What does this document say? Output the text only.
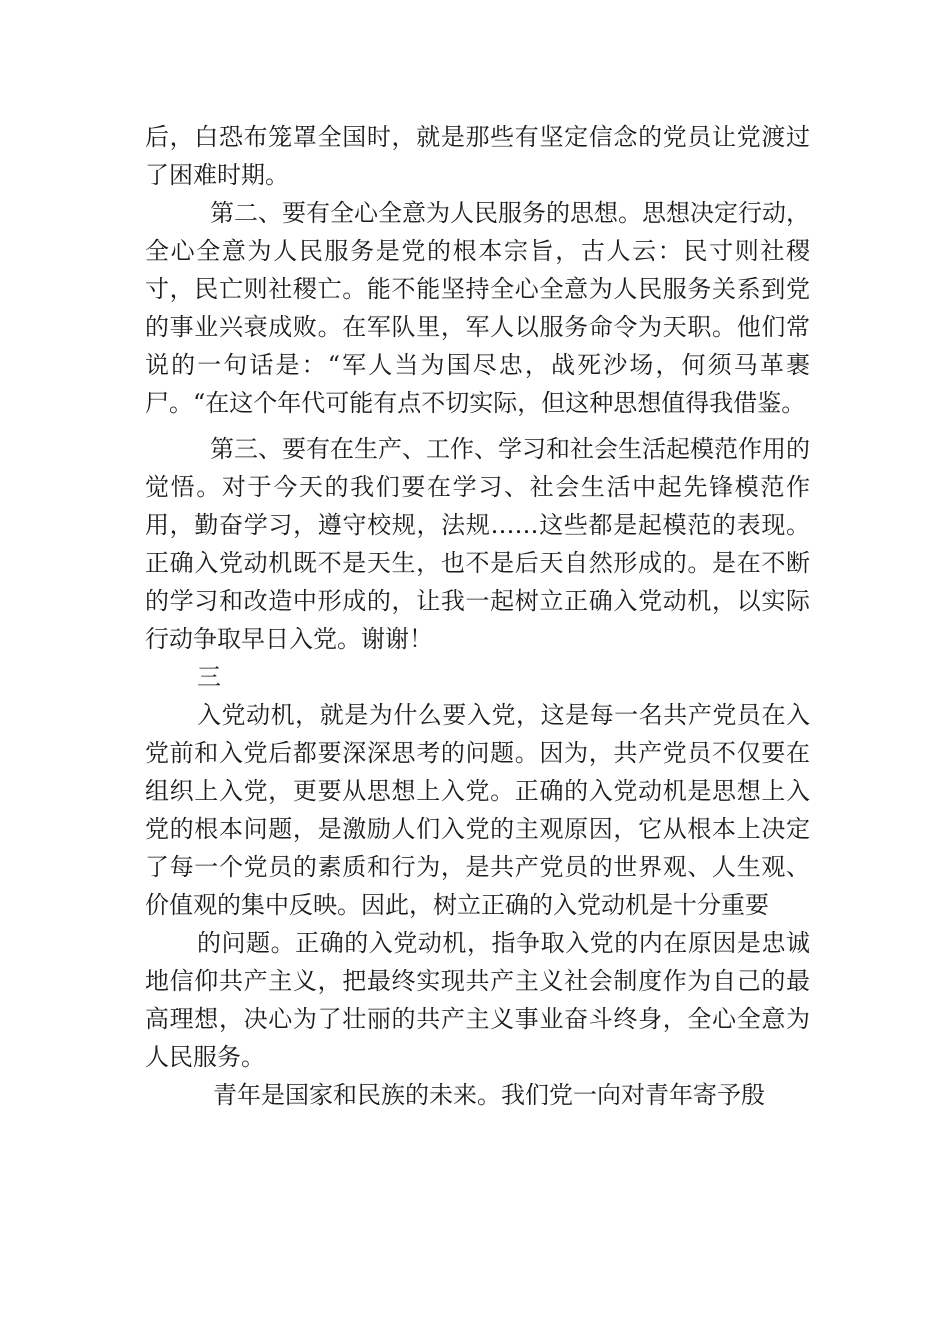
后，白恐布笼罩全国时，就是那些有坚定信念的党员让党渡过了困难时期。

第二、要有全心全意为人民服务的思想。思想决定行动，全心全意为人民服务是党的根本宗旨，古人云：民寸则社稷寸，民亡则社稷亡。能不能坚持全心全意为人民服务关系到党的事业兴衰成败。在军队里，军人以服务命令为天职。他们常说的一句话是：“军人当为国尽忠，战死沙场，何须马革裹尸。“在这个年代可能有点不切实际，但这种思想值得我借鉴。

第三、要有在生产、工作、学习和社会生活起模范作用的觉悟。对于今天的我们要在学习、社会生活中起先锋模范作用，勤奋学习，遵守校规，法规……这些都是起模范的表现。正确入党动机既不是天生，也不是后天自然形成的。是在不断的学习和改造中形成的，让我一起树立正确入党动机，以实际行动争取早日入党。谢谢！

三

入党动机，就是为什么要入党，这是每一名共产党员在入党前和入党后都要深深思考的问题。因为，共产党员不仅要在组织上入党，更要从思想上入党。正确的入党动机是思想上入党的根本问题，是激励人们入党的主观原因，它从根本上决定了每一个党员的素质和行为，是共产党员的世界观、人生观、价值观的集中反映。因此，树立正确的入党动机是十分重要

的问题。正确的入党动机，指争取入党的内在原因是忠诚地信仰共产主义，把最终实现共产主义社会制度作为自己的最高理想，决心为了壮丽的共产主义事业奋斗终身，全心全意为人民服务。

青年是国家和民族的未来。我们党一向对青年寄予殷
